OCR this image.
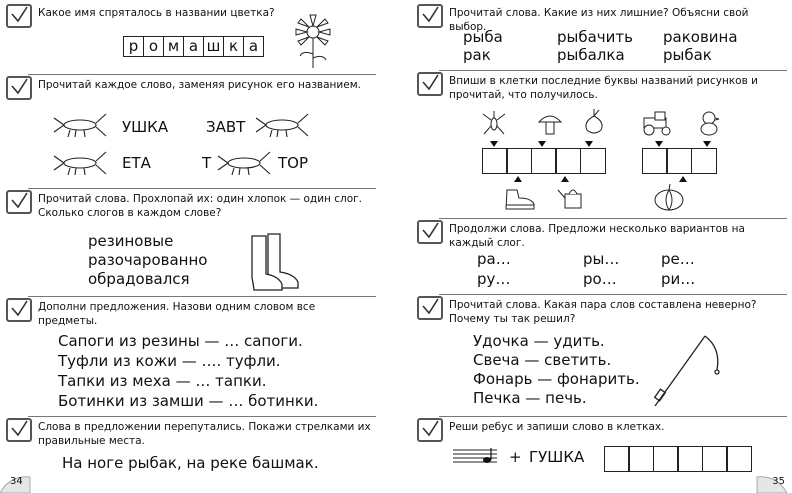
Какое имя спряталось в названии цветка?
р о м а ш к а
Прочитай каждое слово, заменяя рисунок его названием.
УШКА	ЗАВТ
ЕТА	Т	ТОР
Прочитай слова. Прохлопай их: один хлопок — один слог. Сколько слогов в каждом слове?
резиновые
разочарованно
обрадовался
Дополни предложения. Назови одним словом все предметы.
Сапоги из резины — … сапоги.
Туфли из кожи — …. туфли.
Тапки из меха — … тапки.
Ботинки из замши — … ботинки.
Слова в предложении перепутались. Покажи стрелками их правильные места.
На ноге рыбак, на реке башмак.
34
Прочитай слова. Какие из них лишние? Объясни свой выбор.
рыба	рыбачить раковина
рак	рыбалка	рыбак
Впиши в клетки последние буквы названий рисунков и прочитай, что получилось.
Продолжи слова. Предложи несколько вариантов на каждый слог.
ра…	ры…	ре…
ру…	ро…	ри…
Прочитай слова. Какая пара слов составлена неверно? Почему ты так решил?
Удочка — удить.
Свеча — светить.
Фонарь — фонарить.
Печка — печь.
Реши ребус и запиши слово в клетках.
+ ГУШКА
35
